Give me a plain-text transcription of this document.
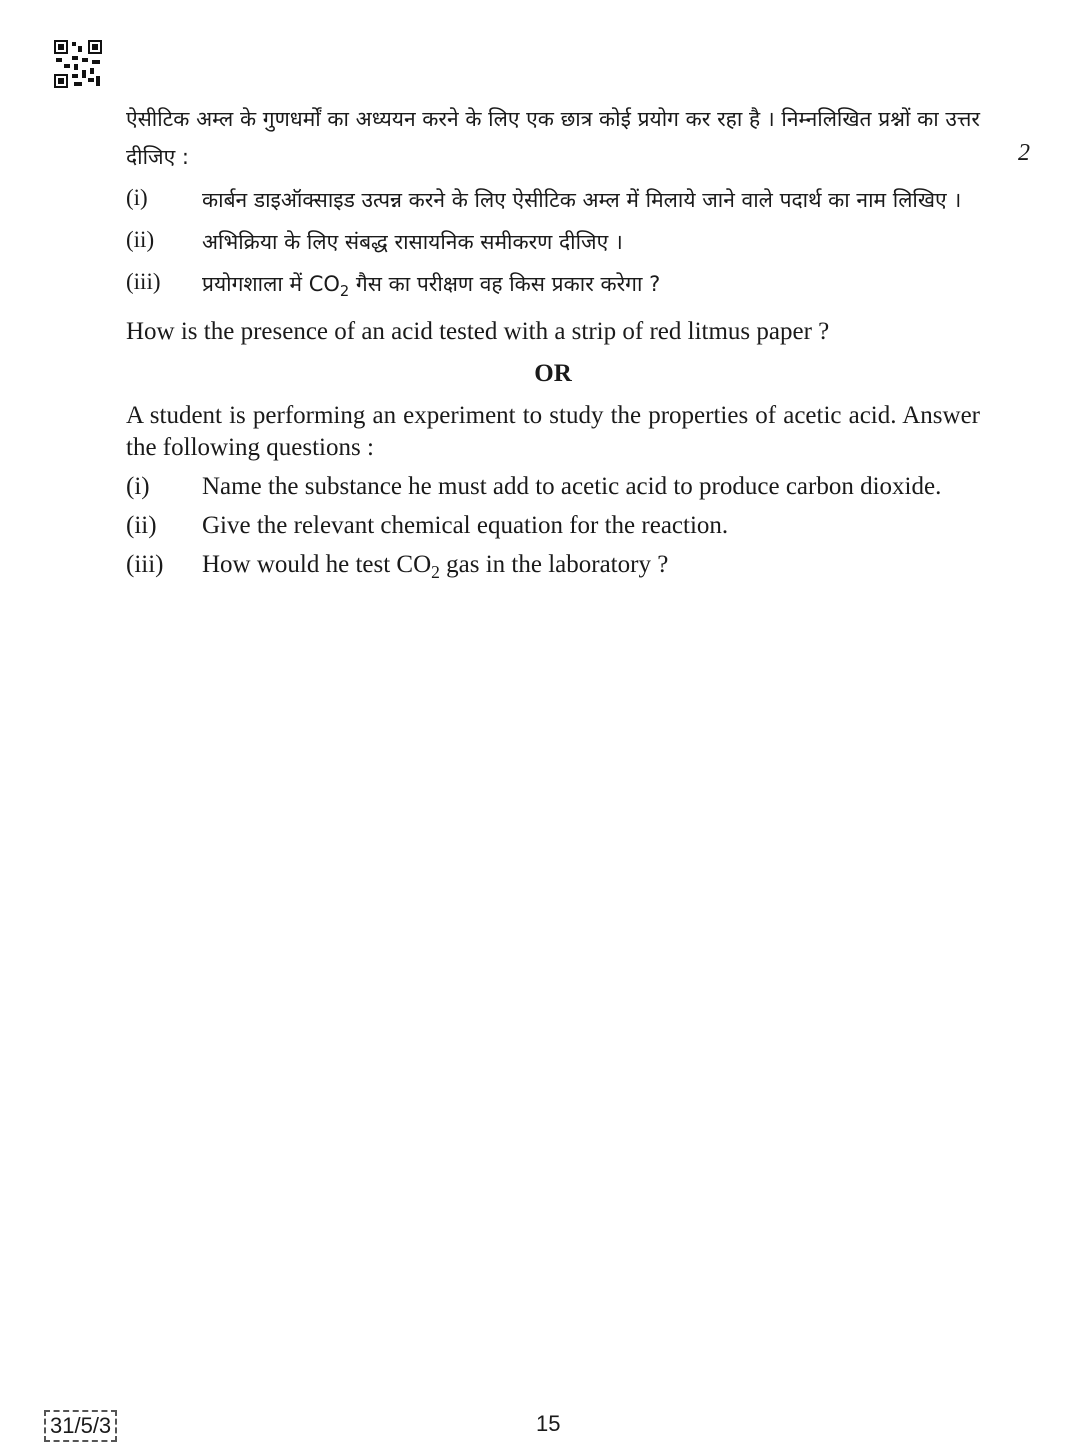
2
ऐसीटिक अम्ल के गुणधर्मों का अध्ययन करने के लिए एक छात्र कोई प्रयोग कर रहा है । निम्नलिखित प्रश्नों का उत्तर दीजिए :
(i)	कार्बन डाइऑक्साइड उत्पन्न करने के लिए ऐसीटिक अम्ल में मिलाये जाने वाले पदार्थ का नाम लिखिए ।
(ii)	अभिक्रिया के लिए संबद्ध रासायनिक समीकरण दीजिए ।
(iii)	प्रयोगशाला में $CO_2$ गैस का परीक्षण वह किस प्रकार करेगा ?
How is the presence of an acid tested with a strip of red litmus paper ?
OR
A student is performing an experiment to study the properties of acetic acid. Answer the following questions :
(i)	Name the substance he must add to acetic acid to produce carbon dioxide.
(ii)	Give the relevant chemical equation for the reaction.
(iii)	How would he test $CO_2$ gas in the laboratory ?
31/5/3	15
